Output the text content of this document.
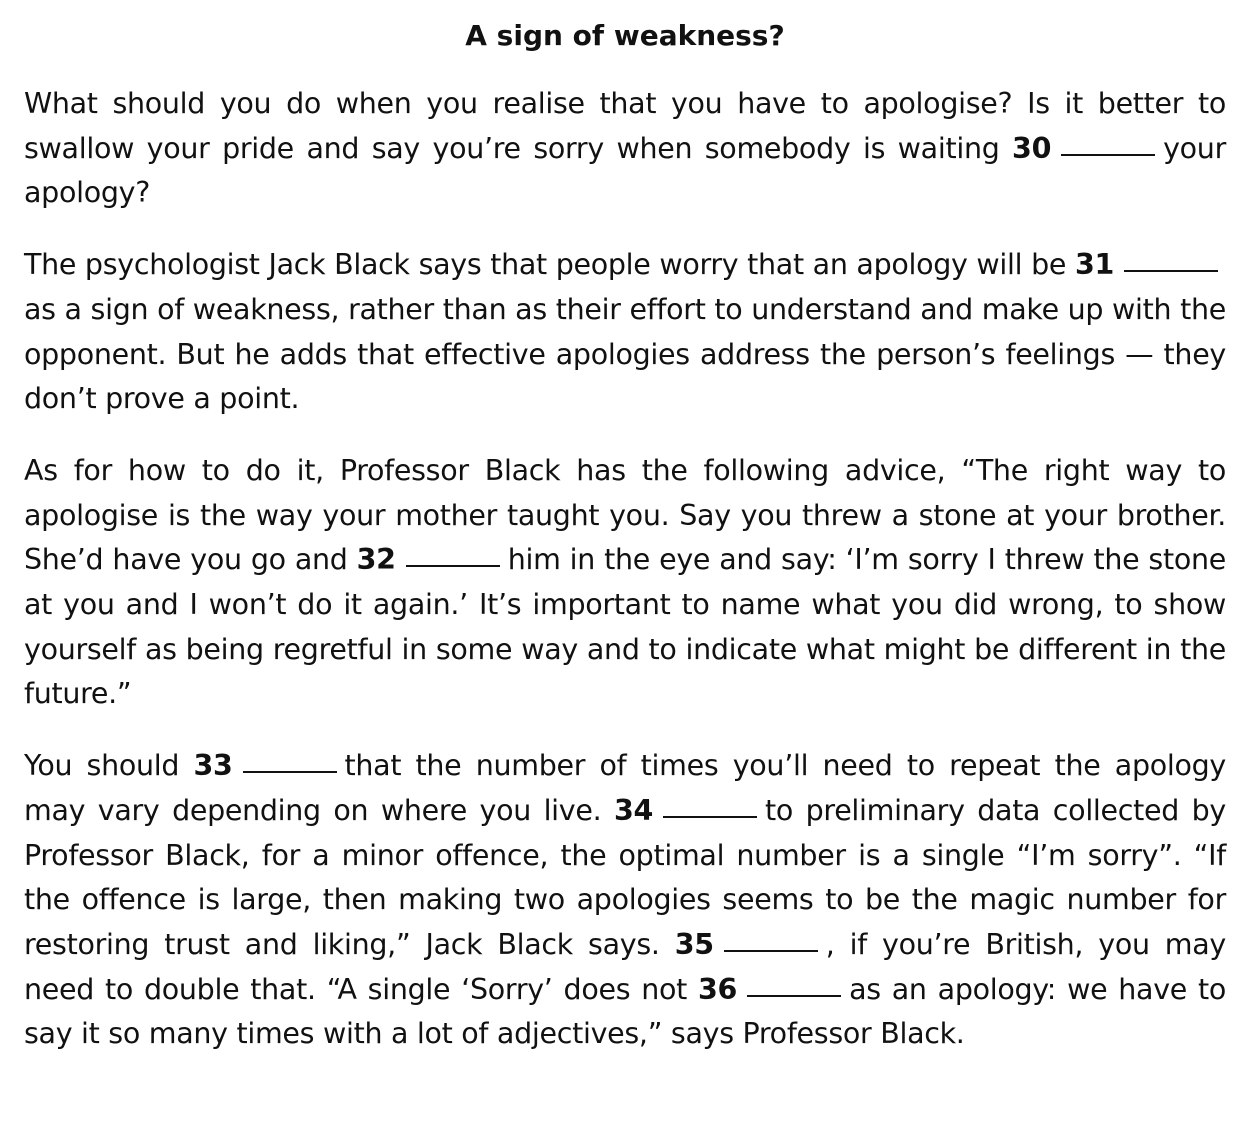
A sign of weakness?

What should you do when you realise that you have to apologise? Is it better to swallow your pride and say you’re sorry when somebody is waiting 30	your apology?

The psychologist Jack Black says that people worry that an apology will be 31as a sign of weakness, rather than as their effort to understand and make up with the opponent. But he adds that effective apologies address the person’s feelings — they don’t prove a point.

As for how to do it, Professor Black has the following advice, “The right way to apologise is the way your mother taught you. Say you threw a stone at your brother. She’d have you go and 32	him in the eye and say: ‘I’m sorry I threw the stone at you and I won’t do it again.’ It’s important to name what you did wrong, to show yourself as being regretful in some way and to indicate what might be different in the future.”

You should 33	that the number of times you’ll need to repeat the apology may vary depending on where you live. 34	to preliminary data collected by Professor Black, for a minor offence, the optimal number is a single “I’m sorry”. “If the offence is large, then making two apologies seems to be the magic number for restoring trust and liking,” Jack Black says. 35	, if you’re British, you may need to double that. “A single ‘Sorry’ does not 36	as an apology: we have to say it so many times with a lot of adjectives,” says Professor Black.
